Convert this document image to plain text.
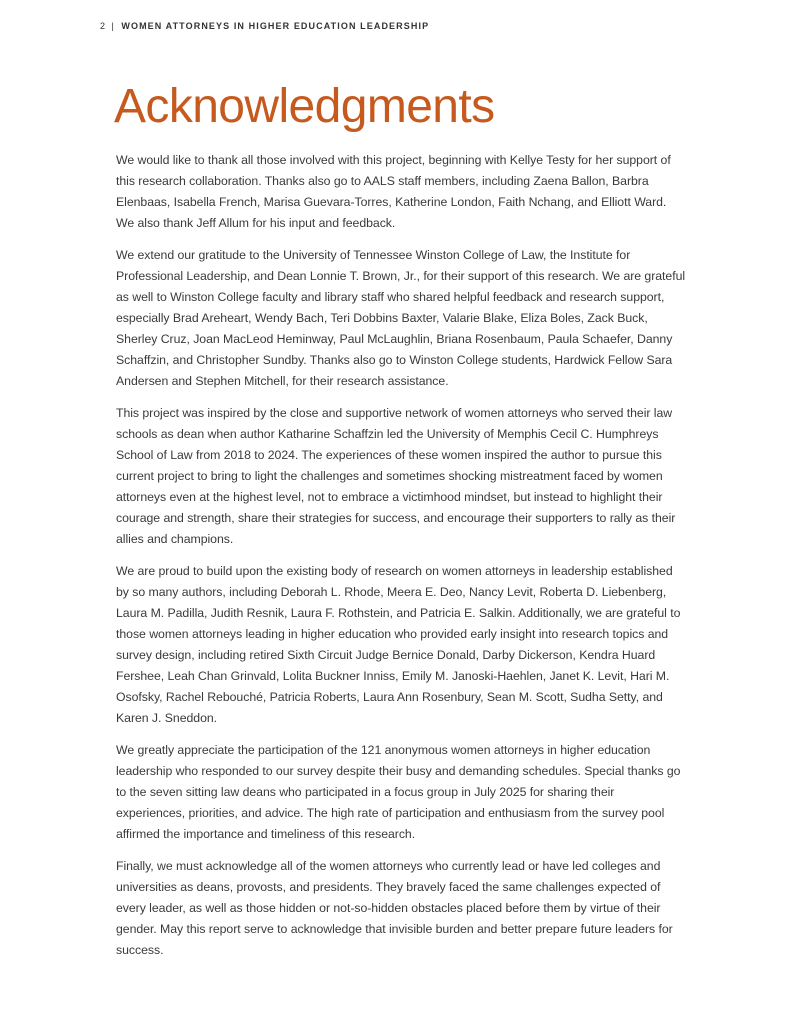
2 | WOMEN ATTORNEYS IN HIGHER EDUCATION LEADERSHIP
Acknowledgments

We would like to thank all those involved with this project, beginning with Kellye Testy for her support of this research collaboration. Thanks also go to AALS staff members, including Zaena Ballon, Barbra Elenbaas, Isabella French, Marisa Guevara-Torres, Katherine London, Faith Nchang, and Elliott Ward. We also thank Jeff Allum for his input and feedback.

We extend our gratitude to the University of Tennessee Winston College of Law, the Institute for Professional Leadership, and Dean Lonnie T. Brown, Jr., for their support of this research. We are grateful as well to Winston College faculty and library staff who shared helpful feedback and research support, especially Brad Areheart, Wendy Bach, Teri Dobbins Baxter, Valarie Blake, Eliza Boles, Zack Buck, Sherley Cruz, Joan MacLeod Heminway, Paul McLaughlin, Briana Rosenbaum, Paula Schaefer, Danny Schaffzin, and Christopher Sundby. Thanks also go to Winston College students, Hardwick Fellow Sara Andersen and Stephen Mitchell, for their research assistance.

This project was inspired by the close and supportive network of women attorneys who served their law schools as dean when author Katharine Schaffzin led the University of Memphis Cecil C. Humphreys School of Law from 2018 to 2024. The experiences of these women inspired the author to pursue this current project to bring to light the challenges and sometimes shocking mistreatment faced by women attorneys even at the highest level, not to embrace a victimhood mindset, but instead to highlight their courage and strength, share their strategies for success, and encourage their supporters to rally as their allies and champions.

We are proud to build upon the existing body of research on women attorneys in leadership established by so many authors, including Deborah L. Rhode, Meera E. Deo, Nancy Levit, Roberta D. Liebenberg, Laura M. Padilla, Judith Resnik, Laura F. Rothstein, and Patricia E. Salkin. Additionally, we are grateful to those women attorneys leading in higher education who provided early insight into research topics and survey design, including retired Sixth Circuit Judge Bernice Donald, Darby Dickerson, Kendra Huard Fershee, Leah Chan Grinvald, Lolita Buckner Inniss, Emily M. Janoski-Haehlen, Janet K. Levit, Hari M. Osofsky, Rachel Rebouché, Patricia Roberts, Laura Ann Rosenbury, Sean M. Scott, Sudha Setty, and Karen J. Sneddon.

We greatly appreciate the participation of the 121 anonymous women attorneys in higher education leadership who responded to our survey despite their busy and demanding schedules. Special thanks go to the seven sitting law deans who participated in a focus group in July 2025 for sharing their experiences, priorities, and advice. The high rate of participation and enthusiasm from the survey pool affirmed the importance and timeliness of this research.

Finally, we must acknowledge all of the women attorneys who currently lead or have led colleges and universities as deans, provosts, and presidents. They bravely faced the same challenges expected of every leader, as well as those hidden or not-so-hidden obstacles placed before them by virtue of their gender. May this report serve to acknowledge that invisible burden and better prepare future leaders for success.
